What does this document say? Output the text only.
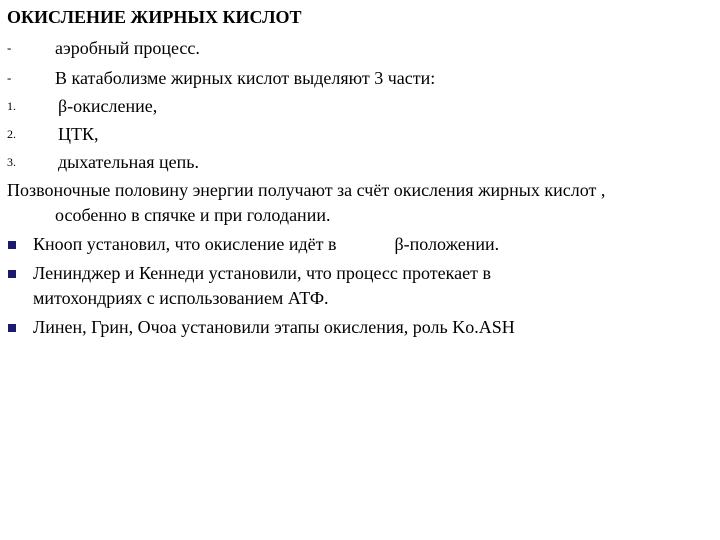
ОКИСЛЕНИЕ ЖИРНЫХ КИСЛОТ
- аэробный процесс.
- В катаболизме жирных кислот выделяют 3 части:
1. β-окисление,
2. ЦТК,
3. дыхательная цепь.
Позвоночные половину энергии получают за счёт окисления жирных кислот ,
особенно в спячке и при голодании.
Кнооп установил, что окисление идёт в	β-положении.
Ленинджер и Кеннеди установили, что процесс протекает в
митохондриях с использованием АТФ.
Линен, Грин, Очоа установили этапы окисления, роль Ko.ASH
